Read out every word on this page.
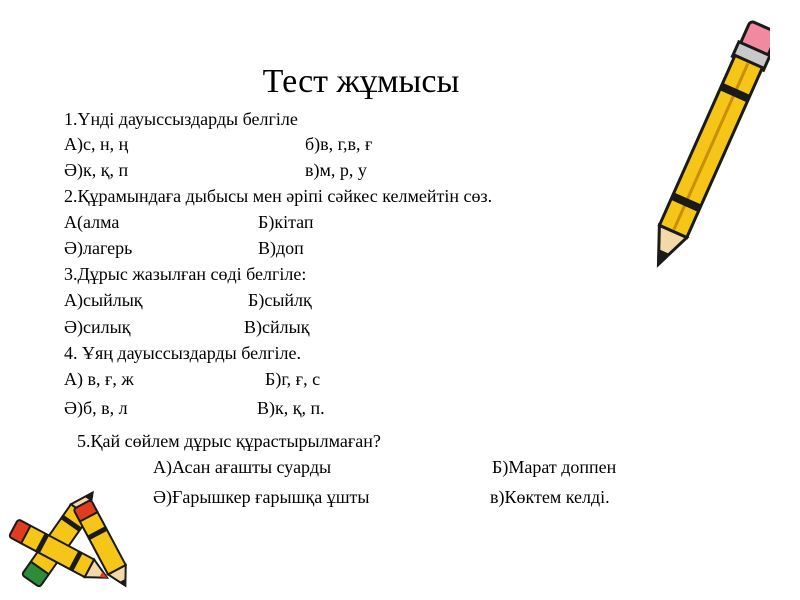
Тест жұмысы
1.Үнді дауыссыздарды белгіле
А)с, н, ң	б)в, г,в, ғ
Ә)к, қ, п	в)м, р, у
2.Құрамындаға дыбысы мен әріпі сәйкес келмейтін сөз.
А(алма	Б)кітап
Ә)лагерь	В)доп
3.Дұрыс жазылған сөді белгіле:
А)сыйлық	Б)сыйлқ
Ә)силық	В)сйлық
4. Ұяң дауыссыздарды белгіле.
А) в, ғ, ж	Б)г, ғ, с
Ә)б, в, л	В)к, қ, п.
5.Қай сөйлем дұрыс құрастырылмаған?
А)Асан ағашты суарды	Б)Марат доппен
Ә)Ғарышкер ғарышқа ұшты	в)Көктем келді.
